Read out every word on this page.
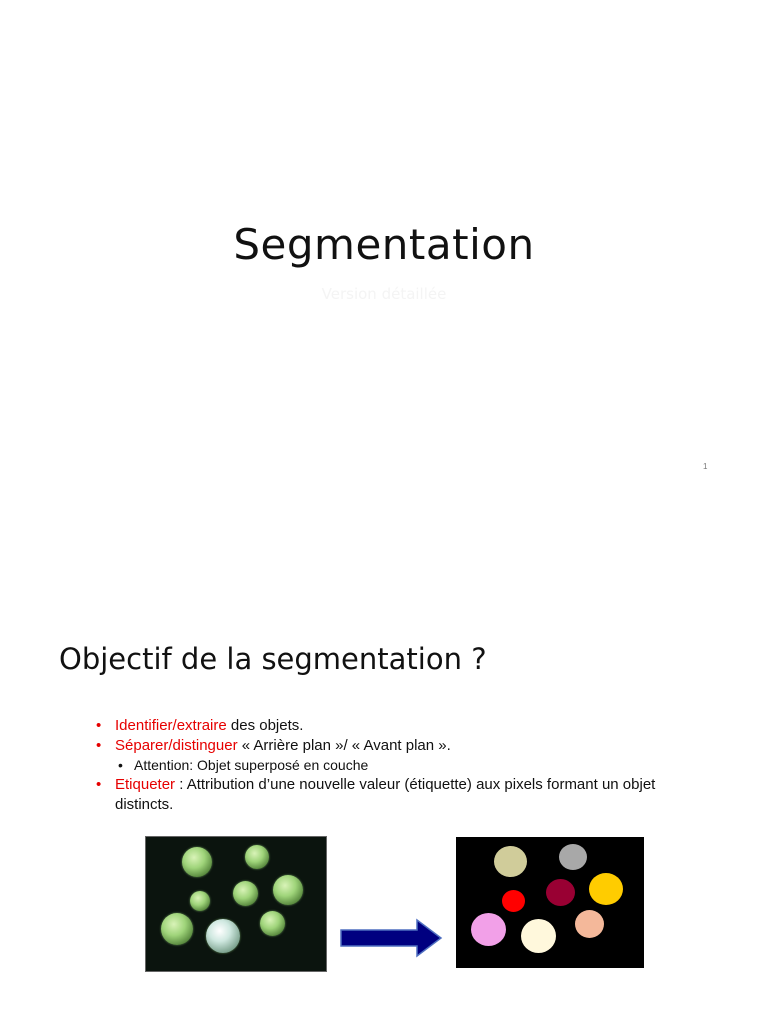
Segmentation
Version détaillée
1
Objectif de la segmentation ?
• Identifier/extraire des objets.
• Séparer/distinguer « Arrière plan »/ « Avant plan ».
• Attention: Objet superposé en couche
• Etiqueter : Attribution d’une nouvelle valeur (étiquette) aux pixels formant un objet distincts.
